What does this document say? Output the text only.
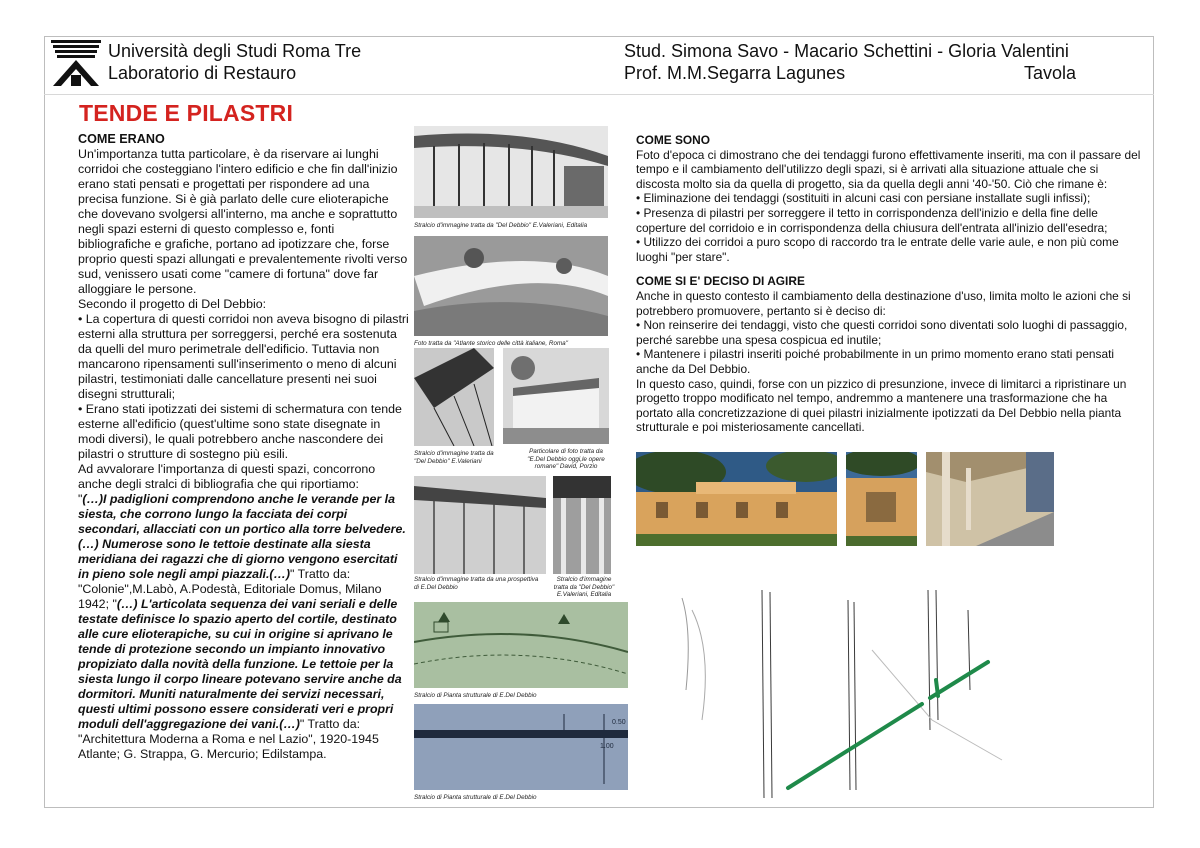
Università degli Studi Roma Tre
Laboratorio di Restauro
Stud. Simona Savo - Macario Schettini - Gloria Valentini
Prof. M.M.Segarra Lagunes	Tavola
TENDE E PILASTRI

COME ERANO

Un'importanza tutta particolare, è da riservare ai lunghi corridoi che costeggiano l'intero edificio e che fin dall'inizio erano stati pensati e progettati per rispondere ad una precisa funzione. Si è già parlato delle cure elioterapiche che dovevano svolgersi all'interno, ma anche e soprattutto negli spazi esterni di questo complesso e, fonti bibliografiche e grafiche, portano ad ipotizzare che, forse proprio questi spazi allungati e prevalentemente rivolti verso sud, venissero usati come "camere di fortuna" dove far alloggiare le persone.

Secondo il progetto di Del Debbio:

• La copertura di questi corridoi non aveva bisogno di pilastri esterni alla struttura per sorreggersi, perché era sostenuta da quelli del muro perimetrale dell'edificio. Tuttavia non mancarono ripensamenti sull'inserimento o meno di alcuni pilastri, testimoniati dalle cancellature presenti nei suoi disegni strutturali;

• Erano stati ipotizzati dei sistemi di schermatura con tende esterne all'edificio (quest'ultime sono state disegnate in modi diversi), le quali potrebbero anche nascondere dei pilastri o strutture di sostegno più esili.

Ad avvalorare l'importanza di questi spazi, concorrono anche degli stralci di bibliografia che qui riportiamo:

"(…)I padiglioni comprendono anche le verande per la siesta, che corrono lungo la facciata dei corpi secondari, allacciati con un portico alla torre belvedere.(…) Numerose sono le tettoie destinate alla siesta meridiana dei ragazzi che di giorno vengono esercitati in pieno sole negli ampi piazzali.(…)" Tratto da: "Colonie",M.Labò, A.Podestà, Editoriale Domus, Milano 1942; "(…) L'articolata sequenza dei vani seriali e delle testate definisce lo spazio aperto del cortile, destinato alle cure elioterapiche, su cui in origine si aprivano le tende di protezione secondo un impianto innovativo propiziato dalla novità della funzione. Le tettoie per la siesta lungo il corpo lineare potevano servire anche da dormitori. Muniti naturalmente dei servizi necessari, questi ultimi possono essere considerati veri e propri moduli dell'aggregazione dei vani.(…)" Tratto da: "Architettura Moderna a Roma e nel Lazio", 1920-1945 Atlante; G. Strappa, G. Mercurio; Edilstampa.

Stralcio d'immagine tratta da "Del Debbio" E.Valeriani, Editalia
Foto tratta da "Atlante storico delle città italiane, Roma"
Stralcio d'immagine tratta da "Del Debbio" E.Valeriani
Particolare di foto tratta da "E.Del Debbio oggi,le opere romane" David, Porzio
Stralcio d'immagine tratta da una prospettiva di E.Del Debbio
Stralcio d'immagine tratta da "Del Debbio" E.Valeriani, Editalia
Stralcio di Pianta strutturale di E.Del Debbio
0.50
1.00
Stralcio di Pianta strutturale di E.Del Debbio

COME SONO

Foto d'epoca ci dimostrano che dei tendaggi furono effettivamente inseriti, ma con il passare del tempo e il cambiamento dell'utilizzo degli spazi, si è arrivati alla situazione attuale che si discosta molto sia da quella di progetto, sia da quella degli anni '40-'50. Ciò che rimane è:

• Eliminazione dei tendaggi (sostituiti in alcuni casi con persiane installate sugli infissi);

• Presenza di pilastri per sorreggere il tetto in corrispondenza dell'inizio e della fine delle coperture del corridoio e in corrispondenza della chiusura dell'entrata all'inizio dell'esedra;

• Utilizzo dei corridoi a puro scopo di raccordo tra le entrate delle varie aule, e non più come luoghi "per stare".

COME SI E' DECISO DI AGIRE

Anche in questo contesto il cambiamento della destinazione d'uso, limita molto le azioni che si potrebbero promuovere, pertanto si è deciso di:

• Non reinserire dei tendaggi, visto che questi corridoi sono diventati solo luoghi di passaggio, perché sarebbe una spesa cospicua ed inutile;

• Mantenere i pilastri inseriti poiché probabilmente in un primo momento erano stati pensati anche da Del Debbio.

In questo caso, quindi, forse con un pizzico di presunzione, invece di limitarci a ripristinare un progetto troppo modificato nel tempo, andremmo a mantenere una trasformazione che ha portato alla concretizzazione di quei pilastri inizialmente ipotizzati da Del Debbio nella pianta strutturale e poi misteriosamente cancellati.
